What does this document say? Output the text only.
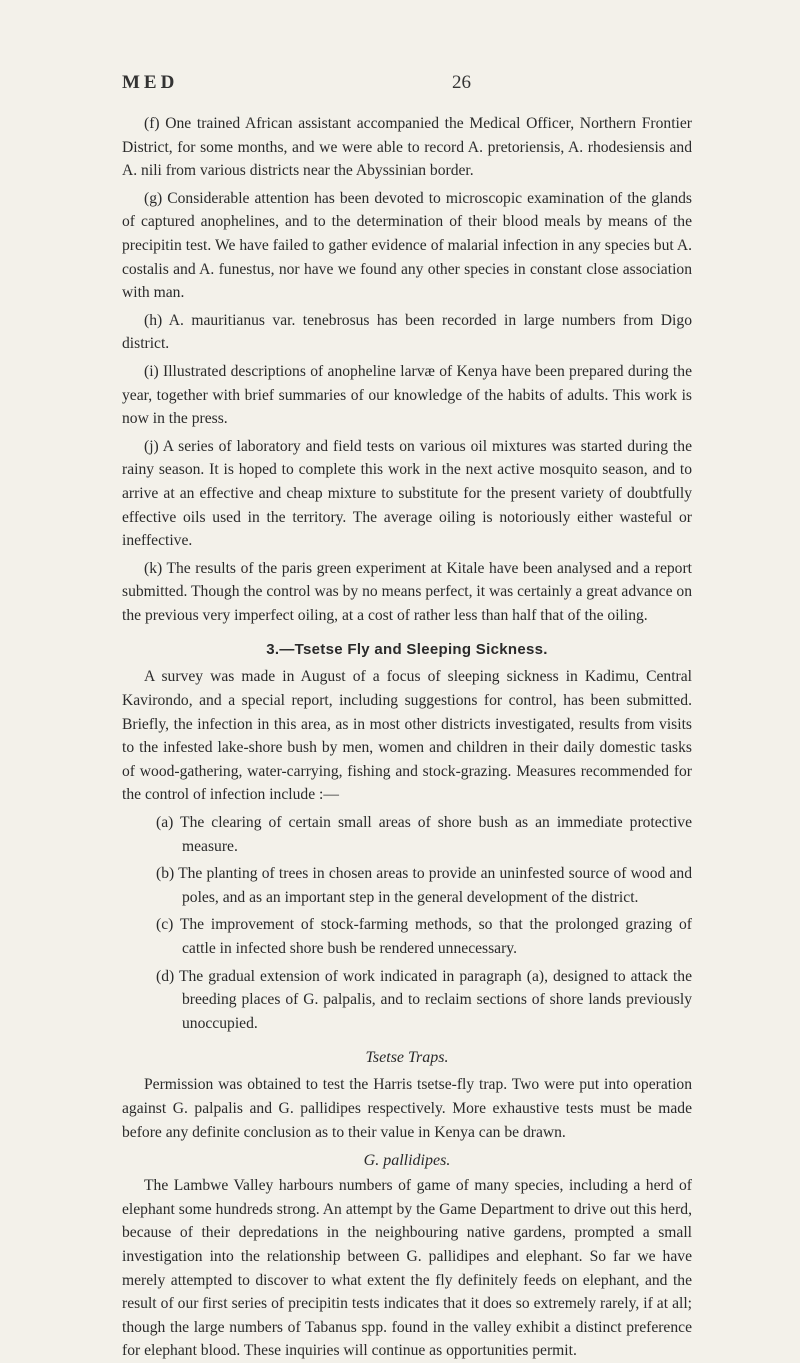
MED	26

(f) One trained African assistant accompanied the Medical Officer, Northern Frontier District, for some months, and we were able to record A. pretoriensis, A. rhodesiensis and A. nili from various districts near the Abyssinian border.

(g) Considerable attention has been devoted to microscopic examination of the glands of captured anophelines, and to the determination of their blood meals by means of the precipitin test. We have failed to gather evidence of malarial infection in any species but A. costalis and A. funestus, nor have we found any other species in constant close association with man.

(h) A. mauritianus var. tenebrosus has been recorded in large numbers from Digo district.

(i) Illustrated descriptions of anopheline larvæ of Kenya have been prepared during the year, together with brief summaries of our knowledge of the habits of adults. This work is now in the press.

(j) A series of laboratory and field tests on various oil mixtures was started during the rainy season. It is hoped to complete this work in the next active mosquito season, and to arrive at an effective and cheap mixture to substitute for the present variety of doubtfully effective oils used in the territory. The average oiling is notoriously either wasteful or ineffective.

(k) The results of the paris green experiment at Kitale have been analysed and a report submitted. Though the control was by no means perfect, it was certainly a great advance on the previous very imperfect oiling, at a cost of rather less than half that of the oiling.

3.—Tsetse Fly and Sleeping Sickness.

A survey was made in August of a focus of sleeping sickness in Kadimu, Central Kavirondo, and a special report, including suggestions for control, has been submitted. Briefly, the infection in this area, as in most other districts investigated, results from visits to the infested lake-shore bush by men, women and children in their daily domestic tasks of wood-gathering, water-carrying, fishing and stock-grazing. Measures recommended for the control of infection include :—

(a) The clearing of certain small areas of shore bush as an immediate protective measure.

(b) The planting of trees in chosen areas to provide an uninfested source of wood and poles, and as an important step in the general development of the district.

(c) The improvement of stock-farming methods, so that the prolonged grazing of cattle in infected shore bush be rendered unnecessary.

(d) The gradual extension of work indicated in paragraph (a), designed to attack the breeding places of G. palpalis, and to reclaim sections of shore lands previously unoccupied.

Tsetse Traps.

Permission was obtained to test the Harris tsetse-fly trap. Two were put into operation against G. palpalis and G. pallidipes respectively. More exhaustive tests must be made before any definite conclusion as to their value in Kenya can be drawn.

G. pallidipes.

The Lambwe Valley harbours numbers of game of many species, including a herd of elephant some hundreds strong. An attempt by the Game Department to drive out this herd, because of their depredations in the neighbouring native gardens, prompted a small investigation into the relationship between G. pallidipes and elephant. So far we have merely attempted to discover to what extent the fly definitely feeds on elephant, and the result of our first series of precipitin tests indicates that it does so extremely rarely, if at all; though the large numbers of Tabanus spp. found in the valley exhibit a distinct preference for elephant blood. These inquiries will continue as opportunities permit.
